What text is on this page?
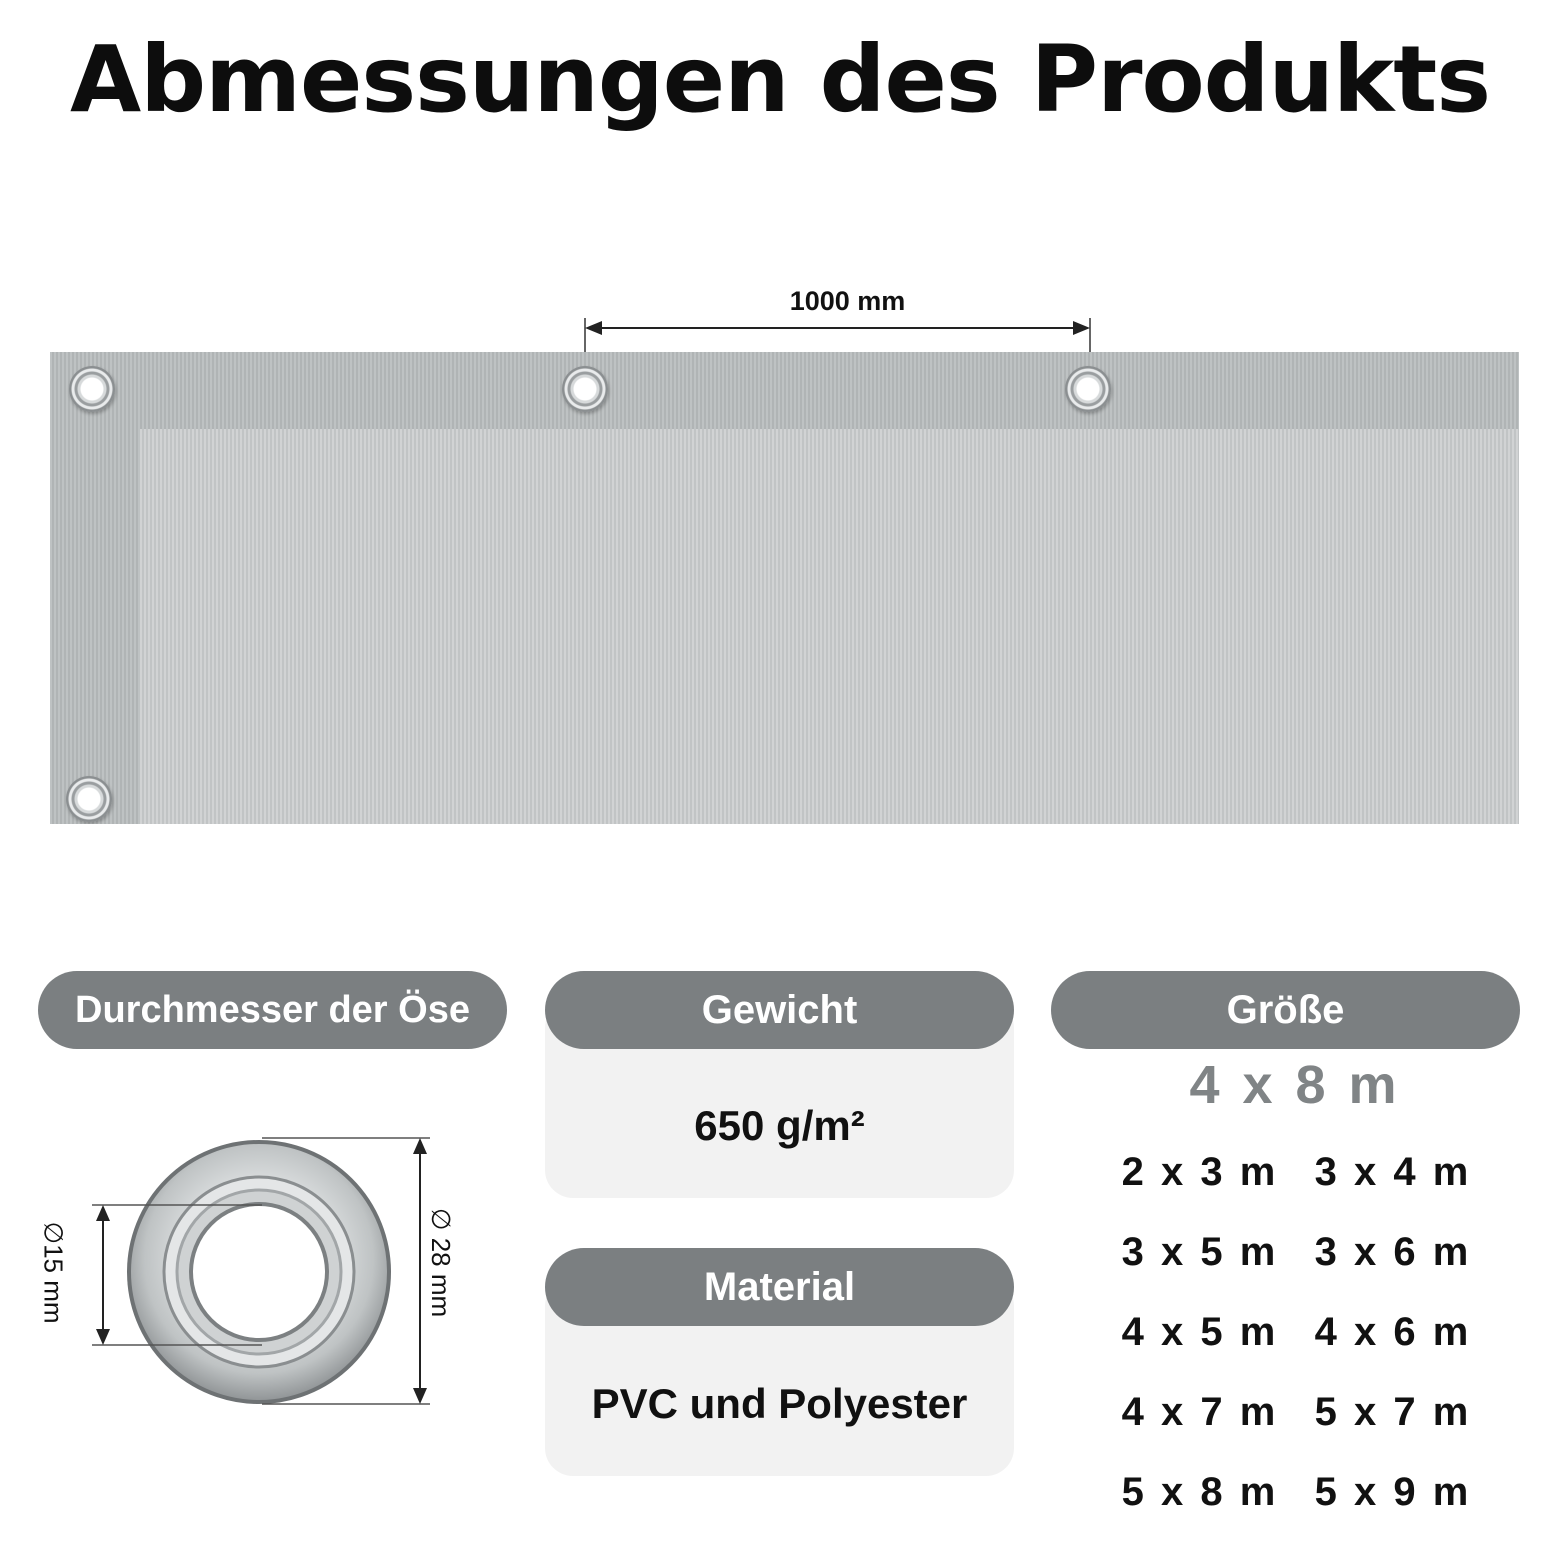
Abmessungen des Produkts
1000 mm
Durchmesser der Öse
∅15 mm	∅ 28 mm
650 g/m²
Gewicht
PVC und Polyester
Material
Größe
4 x 8 m
2 x 3 m 3 x 4 m
3 x 5 m 3 x 6 m
4 x 5 m 4 x 6 m
4 x 7 m 5 x 7 m
5 x 8 m 5 x 9 m
